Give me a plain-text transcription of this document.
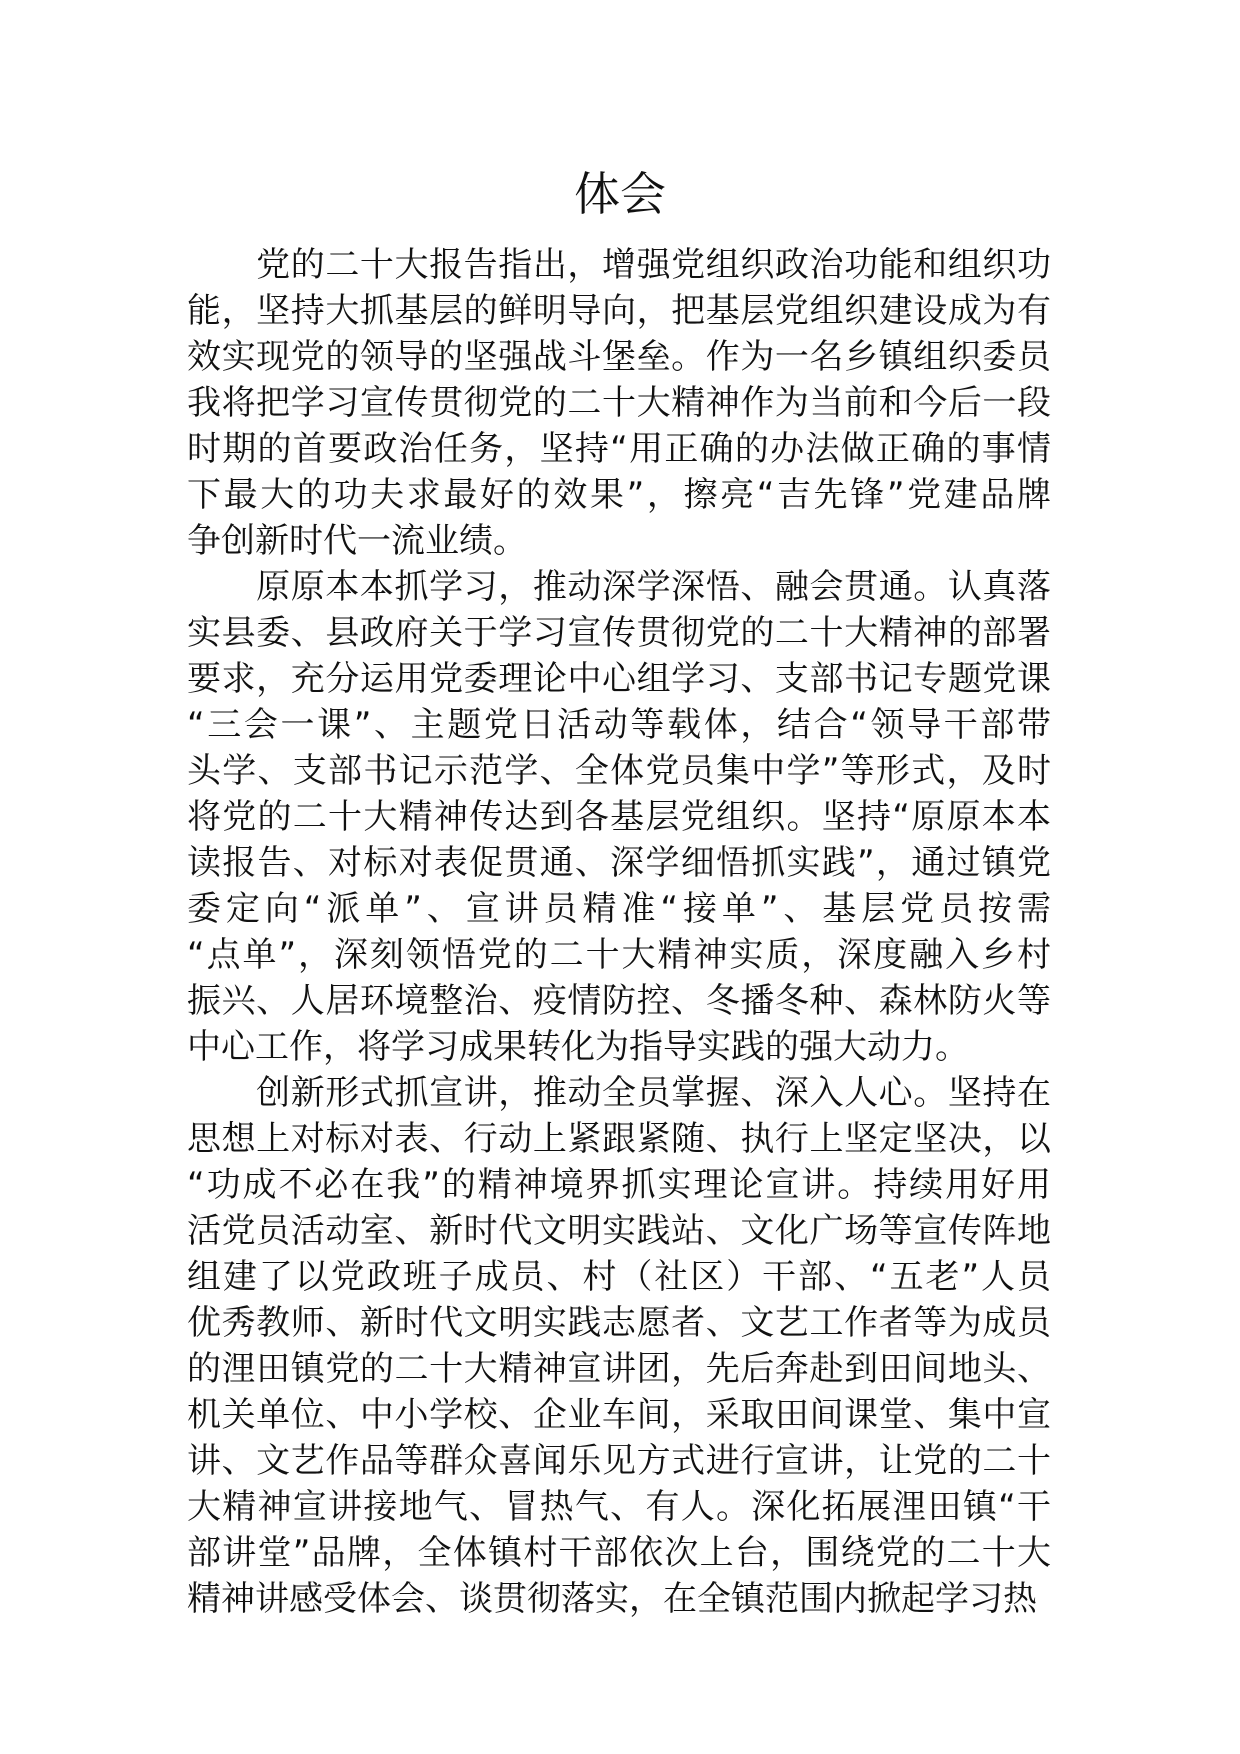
体会
　　党的二十大报告指出，增强党组织政治功能和组织功
能，坚持大抓基层的鲜明导向，把基层党组织建设成为有
效实现党的领导的坚强战斗堡垒。作为一名乡镇组织委员
我将把学习宣传贯彻党的二十大精神作为当前和今后一段
时期的首要政治任务，坚持“用正确的办法做正确的事情
下最大的功夫求最好的效果”，擦亮“吉先锋”党建品牌
争创新时代一流业绩。
　　原原本本抓学习，推动深学深悟、融会贯通。认真落
实县委、县政府关于学习宣传贯彻党的二十大精神的部署
要求，充分运用党委理论中心组学习、支部书记专题党课
“三会一课”、主题党日活动等载体，结合“领导干部带
头学、支部书记示范学、全体党员集中学”等形式，及时
将党的二十大精神传达到各基层党组织。坚持“原原本本
读报告、对标对表促贯通、深学细悟抓实践”，通过镇党
委定向“派单”、宣讲员精准“接单”、基层党员按需
“点单”，深刻领悟党的二十大精神实质，深度融入乡村
振兴、人居环境整治、疫情防控、冬播冬种、森林防火等
中心工作，将学习成果转化为指导实践的强大动力。
　　创新形式抓宣讲，推动全员掌握、深入人心。坚持在
思想上对标对表、行动上紧跟紧随、执行上坚定坚决，以
“功成不必在我”的精神境界抓实理论宣讲。持续用好用
活党员活动室、新时代文明实践站、文化广场等宣传阵地
组建了以党政班子成员、村（社区）干部、“五老”人员
优秀教师、新时代文明实践志愿者、文艺工作者等为成员
的浬田镇党的二十大精神宣讲团，先后奔赴到田间地头、
机关单位、中小学校、企业车间，采取田间课堂、集中宣
讲、文艺作品等群众喜闻乐见方式进行宣讲，让党的二十
大精神宣讲接地气、冒热气、有人。深化拓展浬田镇“干
部讲堂”品牌，全体镇村干部依次上台，围绕党的二十大
精神讲感受体会、谈贯彻落实，在全镇范围内掀起学习热
